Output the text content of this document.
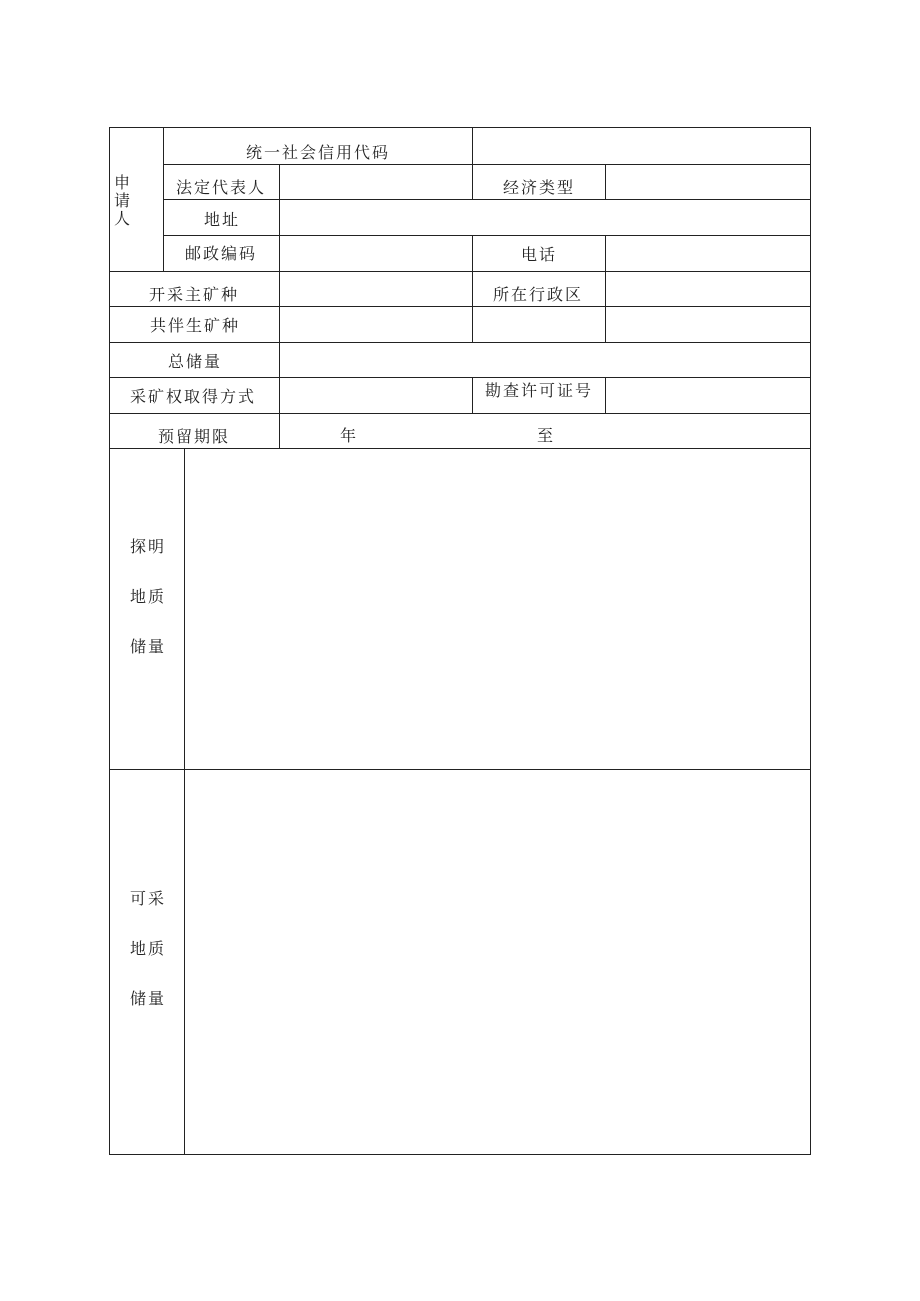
申
请
人
统一社会信用代码
法定代表人	经济类型
地址
邮政编码	电话
开采主矿种	所在行政区
共伴生矿种
总储量
采矿权取得方式	勘查许可证号
预留期限	年	至
探明
地质
储量
可采
地质
储量
